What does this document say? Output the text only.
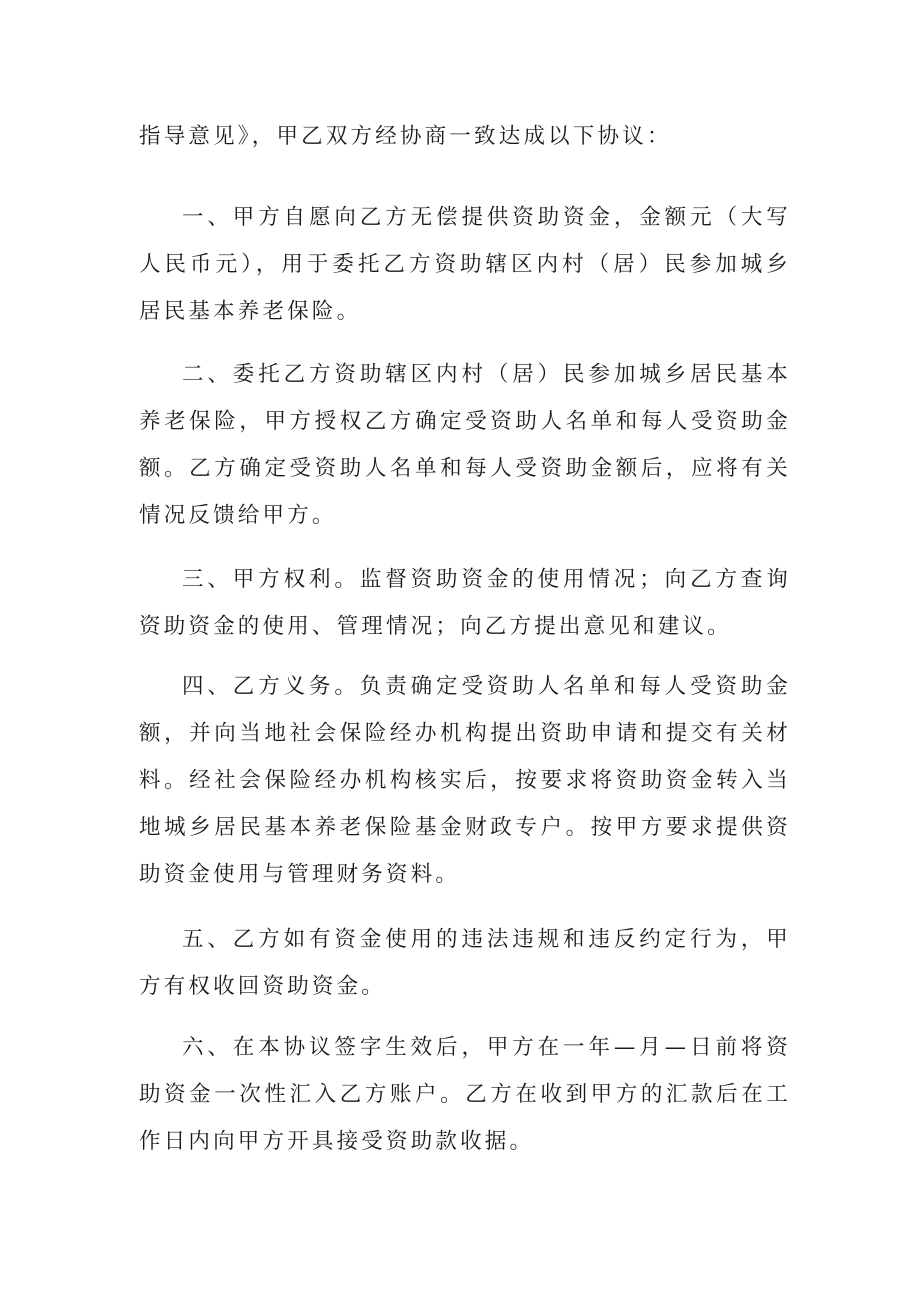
指导意见》，甲乙双方经协商一致达成以下协议：

一、甲方自愿向乙方无偿提供资助资金，金额元（大写人民币元），用于委托乙方资助辖区内村（居）民参加城乡居民基本养老保险。

二、委托乙方资助辖区内村（居）民参加城乡居民基本养老保险，甲方授权乙方确定受资助人名单和每人受资助金额。乙方确定受资助人名单和每人受资助金额后，应将有关情况反馈给甲方。

三、甲方权利。监督资助资金的使用情况；向乙方查询资助资金的使用、管理情况；向乙方提出意见和建议。

四、乙方义务。负责确定受资助人名单和每人受资助金额，并向当地社会保险经办机构提出资助申请和提交有关材料。经社会保险经办机构核实后，按要求将资助资金转入当地城乡居民基本养老保险基金财政专户。按甲方要求提供资助资金使用与管理财务资料。

五、乙方如有资金使用的违法违规和违反约定行为，甲方有权收回资助资金。

六、在本协议签字生效后，甲方在一年—月—日前将资助资金一次性汇入乙方账户。乙方在收到甲方的汇款后在工作日内向甲方开具接受资助款收据。
